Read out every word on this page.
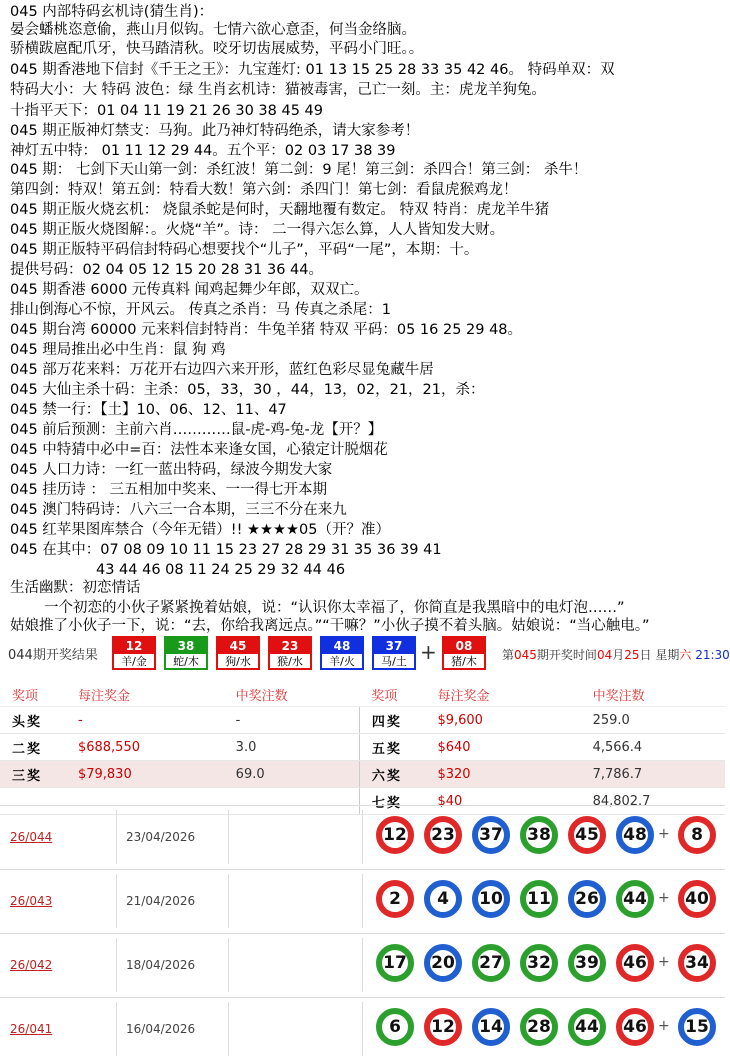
045 内部特码玄机诗(猜生肖)：
晏会蟠桃恣意偷，燕山月似钩。七情六欲心意歪，何当金络脑。
骄横跋扈配爪牙，快马踏清秋。咬牙切齿展威势，平码小门旺。。
045 期香港地下信封《千王之王》：九宝莲灯: 01 13 15 25 28 33 35 42 46。 特码单双：双
特码大小：大 特码 波色：绿 生肖玄机诗：猫被毒害，己亡一刻。主：虎龙羊狗兔。
十指平天下：01 04 11 19 21 26 30 38 45 49
045 期正版神灯禁支：马狗。此乃神灯特码绝杀，请大家参考！
神灯五中特： 01 11 12 29 44。五个平：02 03 17 38 39
045 期： 七剑下天山第一剑：杀红波！第二剑：9 尾！第三剑：杀四合！第三剑： 杀牛！
第四剑：特双！第五剑：特看大数！第六剑：杀四门！第七剑：看鼠虎猴鸡龙！
045 期正版火烧玄机： 烧鼠杀蛇是何时，天翻地覆有数定。 特双 特肖：虎龙羊牛猪
045 期正版火烧图解：。火烧“羊”。诗： 二一得六怎么算，人人皆知发大财。
045 期正版特平码信封特码心想要找个“儿子”，平码“一尾”，本期：十。
提供号码：02 04 05 12 15 20 28 31 36 44。
045 期香港 6000 元传真料 闻鸡起舞少年郎，双双亡。
排山倒海心不惊，开风云。 传真之杀肖：马 传真之杀尾：1
045 期台湾 60000 元来料信封特肖：牛兔羊猪 特双 平码：05 16 25 29 48。
045 理局推出必中生肖：鼠 狗 鸡
045 部万花来料：万花开右边四六来开形，蓝红色彩尽显兔藏牛居
045 大仙主杀十码：主杀：05，33，30 ，44，13，02，21，21，杀：
045 禁一行：【土】10、06、12、11、47
045 前后预测：主前六肖…………鼠-虎-鸡-兔-龙【开？】
045 中特猜中必中=百：法性本来逢女国，心猿定计脱烟花
045 人口力诗：一红一蓝出特码，绿波今期发大家
045 挂历诗 ： 三五相加中奖来、一一得七开本期
045 澳门特码诗：八六三一合本期，三三不分在来九
045 红苹果图库禁合（今年无错）!! ★★★★05（开？准）
045 在其中：07 08 09 10 11 15 23 27 28 29 31 35 36 39 41
43 44 46 08 11 24 25 29 32 44 46
生活幽默：初恋情话
一个初恋的小伙子紧紧挽着姑娘，说：“认识你太幸福了，你简直是我黑暗中的电灯泡……”
姑娘推了小伙子一下，说：“去，你给我离远点。”“干嘛？”小伙子摸不着头脑。姑娘说：“当心触电。”
044期开奖结果
12
羊/金
38
蛇/木
45
狗/水
23
猴/水
48
羊/火
37
马/土 +	08
猪/木	第045期开奖时间04月25日 星期六 21:30
奖项	每注奖金	中奖注数	奖项	每注奖金	中奖注数
头奖	-	-	四奖	$9,600	259.0
二奖	$688,550	3.0	五奖	$640	4,566.4
三奖	$79,830	69.0	六奖	$320	7,786.7
			七奖	$40	84,802.7
26/044	23/04/2026	12	23	37	38	45	48 +	8
26/043	21/04/2026	2	4	10	11	26	44 + 40
26/042	18/04/2026	17	20	27	32	39	46 + 34
26/041	16/04/2026	6	12	14	28	44	46 + 15
